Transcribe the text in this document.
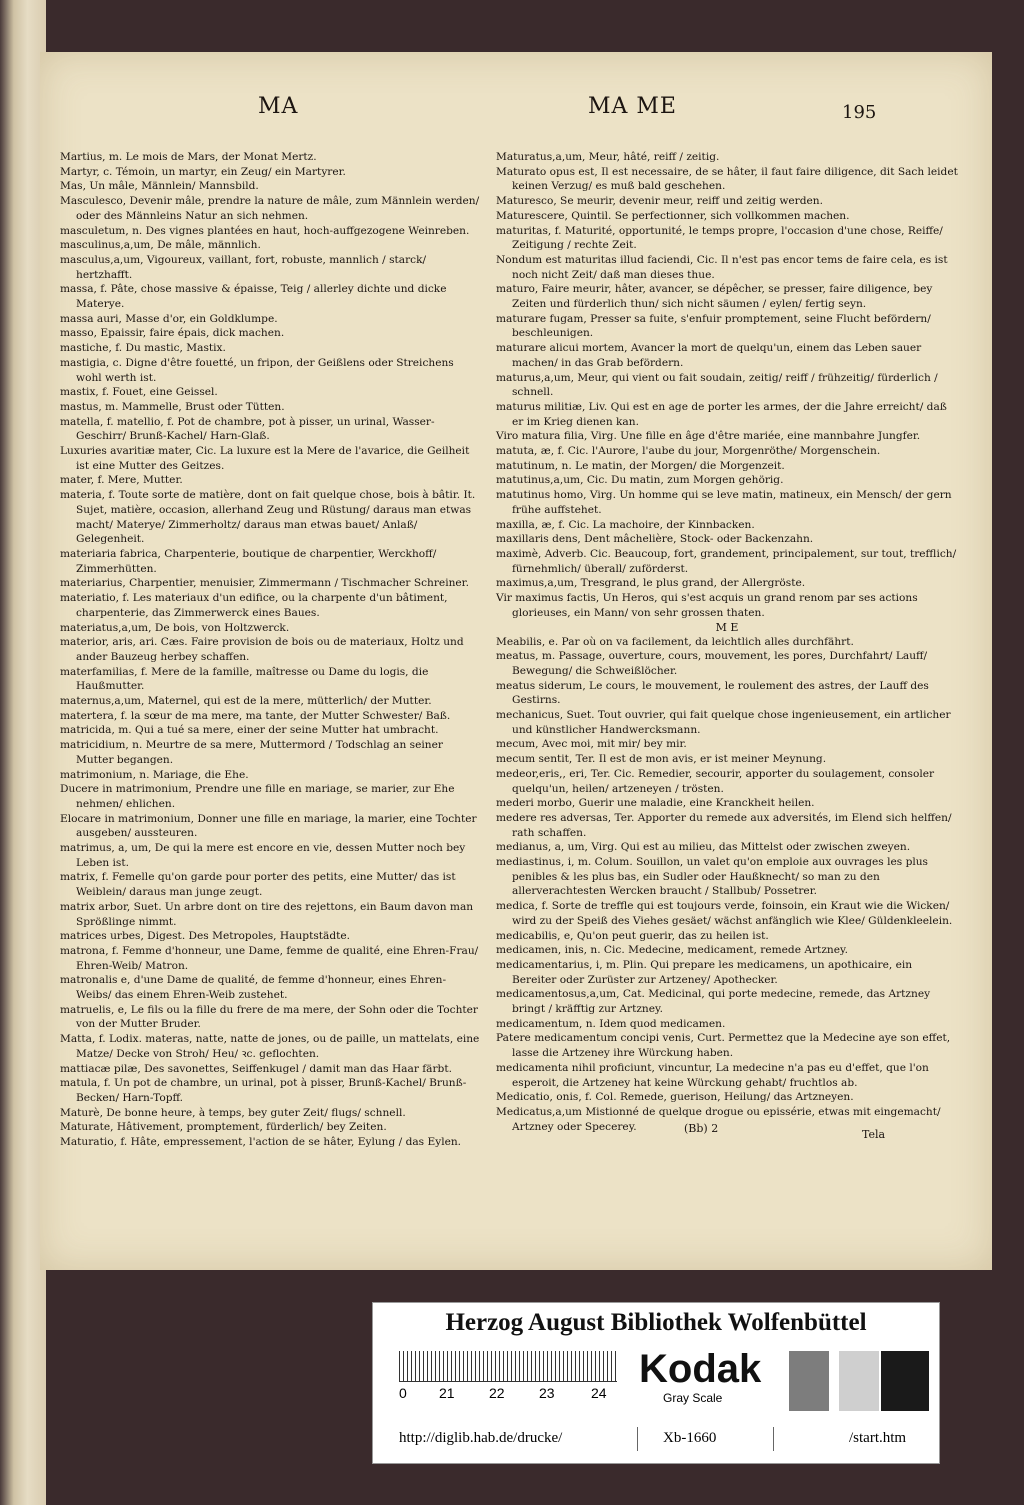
MA	MA ME	195

Martius, m. Le mois de Mars, der Monat Mertz.

Martyr, c. Témoin, un martyr, ein Zeug/ ein Martyrer.

Mas, Un mâle, Männlein/ Mannsbild.

Masculesco, Devenir mâle, prendre la nature de mâle, zum Männlein werden/ oder des Männleins Natur an sich nehmen.

masculetum, n. Des vignes plantées en haut, hoch-auffgezogene Weinreben.

masculinus,a,um, De mâle, männlich.

masculus,a,um, Vigoureux, vaillant, fort, robuste, mannlich / starck/ hertzhafft.

massa, f. Pâte, chose massive & épaisse, Teig / allerley dichte und dicke Materye.

massa auri, Masse d'or, ein Goldklumpe.

masso, Epaissir, faire épais, dick machen.

mastiche, f. Du mastic, Mastix.

mastigia, c. Digne d'être fouetté, un fripon, der Geißlens oder Streichens wohl werth ist.

mastix, f. Fouet, eine Geissel.

mastus, m. Mammelle, Brust oder Tütten.

matella, f. matellio, f. Pot de chambre, pot à pisser, un urinal, Wasser-Geschirr/ Brunß-Kachel/ Harn-Glaß.

Luxuries avaritiæ mater, Cic. La luxure est la Mere de l'avarice, die Geilheit ist eine Mutter des Geitzes.

mater, f. Mere, Mutter.

materia, f. Toute sorte de matière, dont on fait quelque chose, bois à bâtir. It. Sujet, matière, occasion, allerhand Zeug und Rüstung/ daraus man etwas macht/ Materye/ Zimmerholtz/ daraus man etwas bauet/ Anlaß/ Gelegenheit.

materiaria fabrica, Charpenterie, boutique de charpentier, Werckhoff/ Zimmerhütten.

materiarius, Charpentier, menuisier, Zimmermann / Tischmacher Schreiner.

materiatio, f. Les materiaux d'un edifice, ou la charpente d'un bâtiment, charpenterie, das Zimmerwerck eines Baues.

materiatus,a,um, De bois, von Holtzwerck.

materior, aris, ari. Cæs. Faire provision de bois ou de materiaux, Holtz und ander Bauzeug herbey schaffen.

materfamilias, f. Mere de la famille, maîtresse ou Dame du logis, die Haußmutter.

maternus,a,um, Maternel, qui est de la mere, mütterlich/ der Mutter.

matertera, f. la sœur de ma mere, ma tante, der Mutter Schwester/ Baß.

matricida, m. Qui a tué sa mere, einer der seine Mutter hat umbracht.

matricidium, n. Meurtre de sa mere, Muttermord / Todschlag an seiner Mutter begangen.

matrimonium, n. Mariage, die Ehe.

Ducere in matrimonium, Prendre une fille en mariage, se marier, zur Ehe nehmen/ ehlichen.

Elocare in matrimonium, Donner une fille en mariage, la marier, eine Tochter ausgeben/ aussteuren.

matrimus, a, um, De qui la mere est encore en vie, dessen Mutter noch bey Leben ist.

matrix, f. Femelle qu'on garde pour porter des petits, eine Mutter/ das ist Weiblein/ daraus man junge zeugt.

matrix arbor, Suet. Un arbre dont on tire des rejettons, ein Baum davon man Sprößlinge nimmt.

matrices urbes, Digest. Des Metropoles, Hauptstädte.

matrona, f. Femme d'honneur, une Dame, femme de qualité, eine Ehren-Frau/ Ehren-Weib/ Matron.

matronalis e, d'une Dame de qualité, de femme d'honneur, eines Ehren-Weibs/ das einem Ehren-Weib zustehet.

matruelis, e, Le fils ou la fille du frere de ma mere, der Sohn oder die Tochter von der Mutter Bruder.

Matta, f. Lodix. materas, natte, natte de jones, ou de paille, un mattelats, eine Matze/ Decke von Stroh/ Heu/ ꝛc. geflochten.

mattiacæ pilæ, Des savonettes, Seiffenkugel / damit man das Haar färbt.

matula, f. Un pot de chambre, un urinal, pot à pisser, Brunß-Kachel/ Brunß-Becken/ Harn-Topff.

Maturè, De bonne heure, à temps, bey guter Zeit/ flugs/ schnell.

Maturate, Hâtivement, promptement, fürderlich/ bey Zeiten.

Maturatio, f. Hâte, empressement, l'action de se hâter, Eylung / das Eylen.

Maturatus,a,um, Meur, hâté, reiff / zeitig.

Maturato opus est, Il est necessaire, de se hâter, il faut faire diligence, dit Sach leidet keinen Verzug/ es muß bald geschehen.

Maturesco, Se meurir, devenir meur, reiff und zeitig werden.

Maturescere, Quintil. Se perfectionner, sich vollkommen machen.

maturitas, f. Maturité, opportunité, le temps propre, l'occasion d'une chose, Reiffe/ Zeitigung / rechte Zeit.

Nondum est maturitas illud faciendi, Cic. Il n'est pas encor tems de faire cela, es ist noch nicht Zeit/ daß man dieses thue.

maturo, Faire meurir, hâter, avancer, se dépêcher, se presser, faire diligence, bey Zeiten und fürderlich thun/ sich nicht säumen / eylen/ fertig seyn.

maturare fugam, Presser sa fuite, s'enfuir promptement, seine Flucht befördern/ beschleunigen.

maturare alicui mortem, Avancer la mort de quelqu'un, einem das Leben sauer machen/ in das Grab befördern.

maturus,a,um, Meur, qui vient ou fait soudain, zeitig/ reiff / frühzeitig/ fürderlich / schnell.

maturus militiæ, Liv. Qui est en age de porter les armes, der die Jahre erreicht/ daß er im Krieg dienen kan.

Viro matura filia, Virg. Une fille en âge d'être mariée, eine mannbahre Jungfer.

matuta, æ, f. Cic. l'Aurore, l'aube du jour, Morgenröthe/ Morgenschein.

matutinum, n. Le matin, der Morgen/ die Morgenzeit.

matutinus,a,um, Cic. Du matin, zum Morgen gehörig.

matutinus homo, Virg. Un homme qui se leve matin, matineux, ein Mensch/ der gern frühe auffstehet.

maxilla, æ, f. Cic. La machoire, der Kinnbacken.

maxillaris dens, Dent mâchelière, Stock- oder Backenzahn.

maximè, Adverb. Cic. Beaucoup, fort, grandement, principalement, sur tout, trefflich/ fürnehmlich/ überall/ zuförderst.

maximus,a,um, Tresgrand, le plus grand, der Allergröste.

Vir maximus factis, Un Heros, qui s'est acquis un grand renom par ses actions glorieuses, ein Mann/ von sehr grossen thaten.

M E

Meabilis, e. Par où on va facilement, da leichtlich alles durchfährt.

meatus, m. Passage, ouverture, cours, mouvement, les pores, Durchfahrt/ Lauff/ Bewegung/ die Schweißlöcher.

meatus siderum, Le cours, le mouvement, le roulement des astres, der Lauff des Gestirns.

mechanicus, Suet. Tout ouvrier, qui fait quelque chose ingenieusement, ein artlicher und künstlicher Handwercksmann.

mecum, Avec moi, mit mir/ bey mir.

mecum sentit, Ter. Il est de mon avis, er ist meiner Meynung.

medeor,eris,, eri, Ter. Cic. Remedier, secourir, apporter du soulagement, consoler quelqu'un, heilen/ artzeneyen / trösten.

mederi morbo, Guerir une maladie, eine Kranckheit heilen.

medere res adversas, Ter. Apporter du remede aux adversités, im Elend sich helffen/ rath schaffen.

medianus, a, um, Virg. Qui est au milieu, das Mittelst oder zwischen zweyen.

mediastinus, i, m. Colum. Souillon, un valet qu'on emploie aux ouvrages les plus penibles & les plus bas, ein Sudler oder Haußknecht/ so man zu den allerverachtesten Wercken braucht / Stallbub/ Possetrer.

medica, f. Sorte de treffle qui est toujours verde, foinsoin, ein Kraut wie die Wicken/ wird zu der Speiß des Viehes gesäet/ wächst anfänglich wie Klee/ Güldenkleelein.

medicabilis, e, Qu'on peut guerir, das zu heilen ist.

medicamen, inis, n. Cic. Medecine, medicament, remede Artzney.

medicamentarius, i, m. Plin. Qui prepare les medicamens, un apothicaire, ein Bereiter oder Zurüster zur Artzeney/ Apothecker.

medicamentosus,a,um, Cat. Medicinal, qui porte medecine, remede, das Artzney bringt / kräfftig zur Artzney.

medicamentum, n. Idem quod medicamen.

Patere medicamentum concipi venis, Curt. Permettez que la Medecine aye son effet, lasse die Artzeney ihre Würckung haben.

medicamenta nihil proficiunt, vincuntur, La medecine n'a pas eu d'effet, que l'on esperoit, die Artzeney hat keine Würckung gehabt/ fruchtlos ab.

Medicatio, onis, f. Col. Remede, guerison, Heilung/ das Artzneyen.

Medicatus,a,um Mistionné de quelque drogue ou epissérie, etwas mit eingemacht/ Artzney oder Specerey.	(Bb) 2	Tela
Herzog August Bibliothek Wolfenbüttel
0 21 22 23	24
Kodak
Gray Scale
http://diglib.hab.de/drucke/	Xb-1660	/start.htm
